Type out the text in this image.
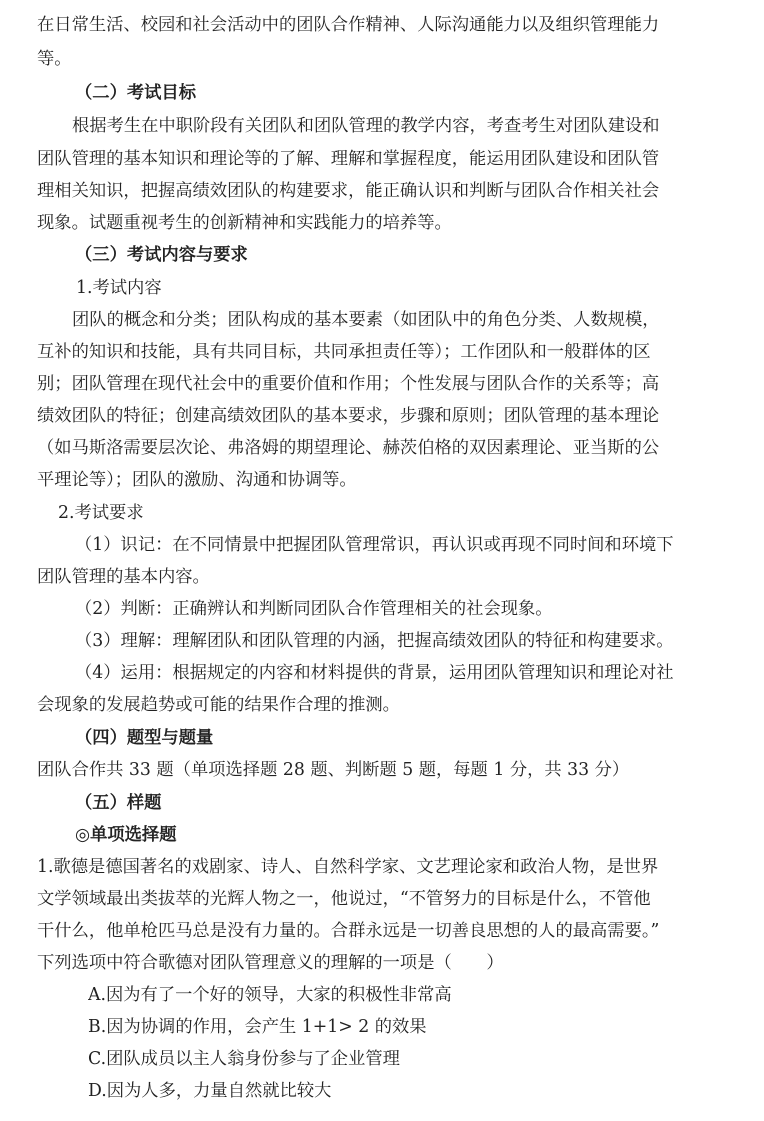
在日常生活、校园和社会活动中的团队合作精神、人际沟通能力以及组织管理能力
等。
（二）考试目标
根据考生在中职阶段有关团队和团队管理的教学内容，考查考生对团队建设和
团队管理的基本知识和理论等的了解、理解和掌握程度，能运用团队建设和团队管
理相关知识，把握高绩效团队的构建要求，能正确认识和判断与团队合作相关社会
现象。试题重视考生的创新精神和实践能力的培养等。
（三）考试内容与要求
1.考试内容
团队的概念和分类；团队构成的基本要素（如团队中的角色分类、人数规模，
互补的知识和技能，具有共同目标，共同承担责任等）；工作团队和一般群体的区
别；团队管理在现代社会中的重要价值和作用；个性发展与团队合作的关系等；高
绩效团队的特征；创建高绩效团队的基本要求，步骤和原则；团队管理的基本理论
（如马斯洛需要层次论、弗洛姆的期望理论、赫茨伯格的双因素理论、亚当斯的公
平理论等）；团队的激励、沟通和协调等。
2.考试要求
（1）识记：在不同情景中把握团队管理常识，再认识或再现不同时间和环境下
团队管理的基本内容。
（2）判断：正确辨认和判断同团队合作管理相关的社会现象。
（3）理解：理解团队和团队管理的内涵，把握高绩效团队的特征和构建要求。
（4）运用：根据规定的内容和材料提供的背景，运用团队管理知识和理论对社
会现象的发展趋势或可能的结果作合理的推测。
（四）题型与题量
团队合作共 33 题（单项选择题 28 题、判断题 5 题，每题 1 分，共 33 分）
（五）样题
◎单项选择题
1.歌德是德国著名的戏剧家、诗人、自然科学家、文艺理论家和政治人物，是世界
文学领域最出类拔萃的光辉人物之一，他说过，“不管努力的目标是什么，不管他
干什么，他单枪匹马总是没有力量的。合群永远是一切善良思想的人的最高需要。”
下列选项中符合歌德对团队管理意义的理解的一项是（　　）
A.因为有了一个好的领导，大家的积极性非常高
B.因为协调的作用，会产生 1+1> 2 的效果
C.团队成员以主人翁身份参与了企业管理
D.因为人多，力量自然就比较大
